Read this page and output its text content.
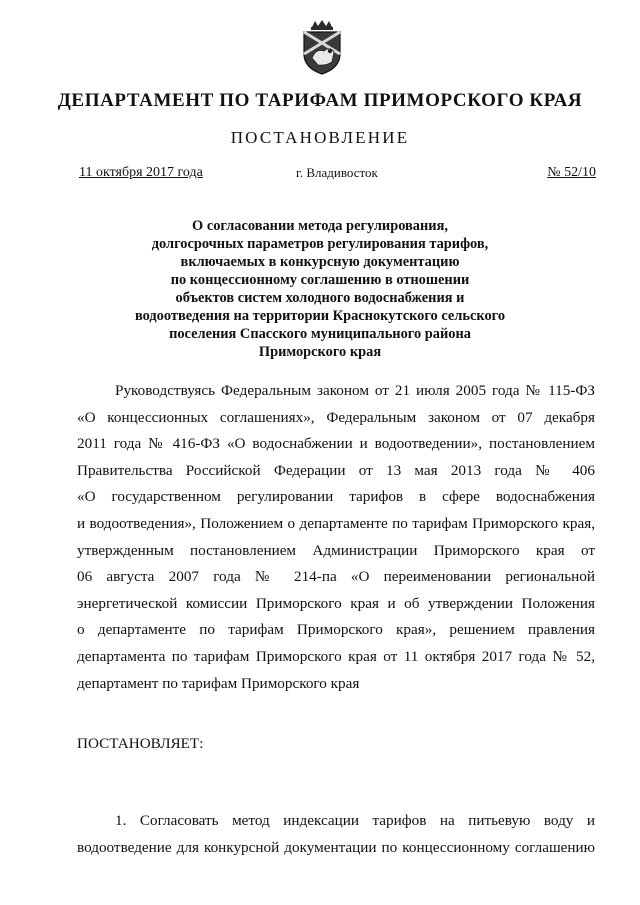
ДЕПАРТАМЕНТ ПО ТАРИФАМ ПРИМОРСКОГО КРАЯ
ПОСТАНОВЛЕНИЕ
11 октября 2017 года	г. Владивосток	№ 52/10
О согласовании метода регулирования,
долгосрочных параметров регулирования тарифов,
включаемых в конкурсную документацию
по концессионному соглашению в отношении
объектов систем холодного водоснабжения и
водоотведения на территории Краснокутского сельского
поселения Спасского муниципального района
Приморского края
Руководствуясь Федеральным законом от 21 июля 2005 года № 115-ФЗ
«О концессионных соглашениях», Федеральным законом от 07 декабря
2011 года № 416-ФЗ «О водоснабжении и водоотведении», постановлением
Правительства Российской Федерации от 13 мая 2013 года № 406
«О государственном регулировании тарифов в сфере водоснабжения
и водоотведения», Положением о департаменте по тарифам Приморского края,
утвержденным постановлением Администрации Приморского края от
06 августа 2007 года № 214-па «О переименовании региональной
энергетической комиссии Приморского края и об утверждении Положения
о департаменте по тарифам Приморского края», решением правления
департамента по тарифам Приморского края от 11 октября 2017 года № 52,
департамент по тарифам Приморского края
ПОСТАНОВЛЯЕТ:
1. Согласовать метод индексации тарифов на питьевую воду и
водоотведение для конкурсной документации по концессионному соглашению
